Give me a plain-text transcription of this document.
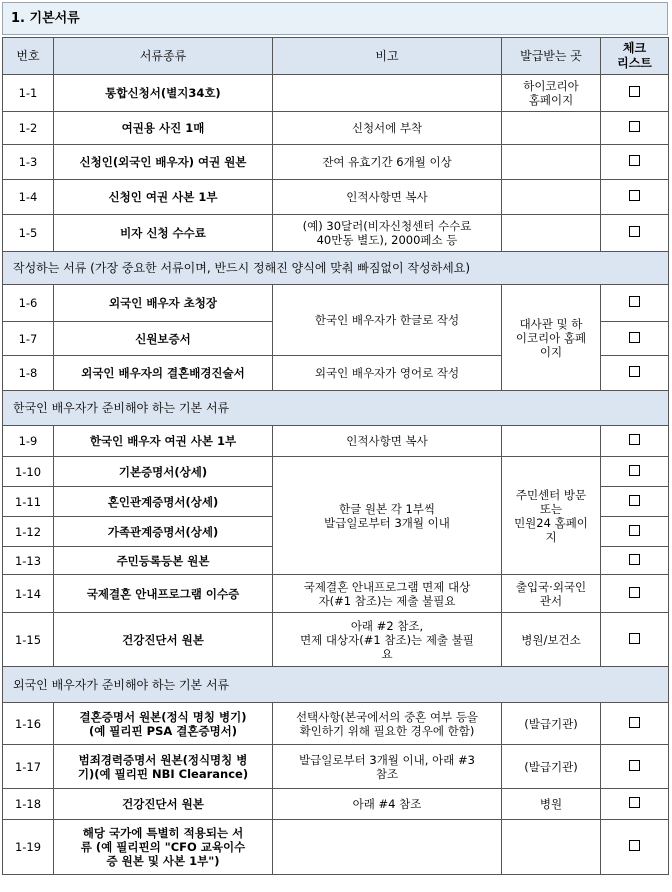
1. 기본서류
번호	서류종류	비고	발급받는 곳	체크
리스트

1-1	통합신청서(별지34호)		하이코리아
홈페이지	

1-2	여권용 사진 1매	신청서에 부착		
1-3	신청인(외국인 배우자) 여권 원본	잔여 유효기간 6개월 이상		
1-4	신청인 여권 사본 1부	인적사항면 복사		
1-5	비자 신청 수수료	(예) 30달러(비자신청센터 수수료
40만동 별도), 2000페소 등		

작성하는 서류 (가장 중요한 서류이며, 반드시 정해진 양식에 맞춰 빠짐없이 작성하세요)				
1-6	외국인 배우자 초청장	한국인 배우자가 한글로 작성	대사관 및 하
이코리아 홈페
이지	

1-7	신원보증서			
1-8	외국인 배우자의 결혼배경진술서	외국인 배우자가 영어로 작성		
한국인 배우자가 준비해야 하는 기본 서류				
1-9	한국인 배우자 여권 사본 1부	인적사항면 복사		
1-10	기본증명서(상세)	한글 원본 각 1부씩
발급일로부터 3개월 이내	주민센터 방문
또는
민원24 홈페이
지	

1-11	혼인관계증명서(상세)			
1-12	가족관계증명서(상세)			
1-13	주민등록등본 원본			
1-14	국제결혼 안내프로그램 이수증	국제결혼 안내프로그램 면제 대상
자(#1 참조)는 제출 불필요	출입국·외국인
관서	

1-15	건강진단서 원본	아래 #2 참조,
면제 대상자(#1 참조)는 제출 불필
요	병원/보건소	
외국인 배우자가 준비해야 하는 기본 서류				
1-16	결혼증명서 원본(정식 명칭 병기)
(예 필리핀 PSA 결혼증명서)	선택사항(본국에서의 중혼 여부 등을
확인하기 위해 필요한 경우에 한함)	(발급기관)	
1-17	범죄경력증명서 원본(정식명칭 병
기)(예 필리핀 NBI Clearance)	발급일로부터 3개월 이내, 아래 #3
참조	(발급기관)	
1-18	건강진단서 원본	아래 #4 참조	병원	
1-19	해당 국가에 특별히 적용되는 서
류 (예 필리핀의 "CFO 교육이수
증 원본 및 사본 1부")			
